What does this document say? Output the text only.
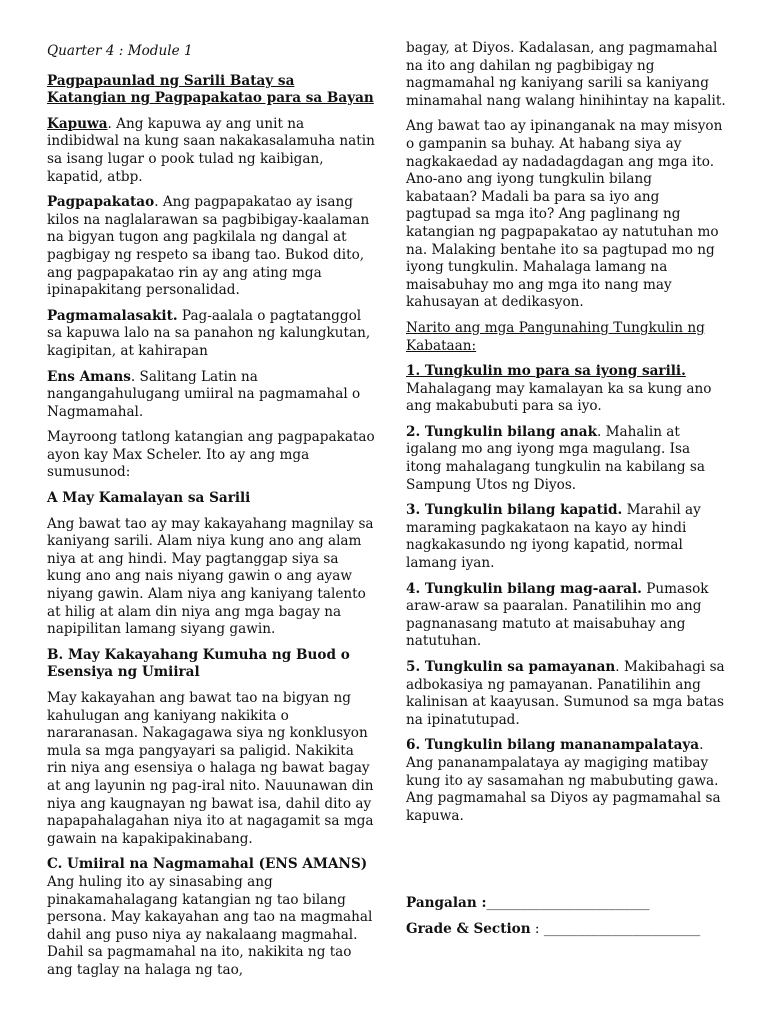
Quarter 4 : Module 1

Pagpapaunlad ng Sarili Batay sa

Katangian ng Pagpapakatao para sa Bayan

Kapuwa. Ang kapuwa ay ang unit na indibidwal na kung saan nakakasalamuha natin sa isang lugar o pook tulad ng kaibigan, kapatid, atbp.

Pagpapakatao. Ang pagpapakatao ay isang kilos na naglalarawan sa pagbibigay-kaalaman na bigyan tugon ang pagkilala ng dangal at pagbigay ng respeto sa ibang tao. Bukod dito, ang pagpapakatao rin ay ang ating mga ipinapakitang personalidad.

Pagmamalasakit. Pag-aalala o pagtatanggol sa kapuwa lalo na sa panahon ng kalungkutan, kagipitan, at kahirapan

Ens Amans. Salitang Latin na nangangahulugang umiiral na pagmamahal o Nagmamahal.

Mayroong tatlong katangian ang pagpapakatao ayon kay Max Scheler. Ito ay ang mga sumusunod:

A May Kamalayan sa Sarili

Ang bawat tao ay may kakayahang magnilay sa kaniyang sarili. Alam niya kung ano ang alam niya at ang hindi. May pagtanggap siya sa kung ano ang nais niyang gawin o ang ayaw niyang gawin. Alam niya ang kaniyang talento at hilig at alam din niya ang mga bagay na napipilitan lamang siyang gawin.

B. May Kakayahang Kumuha ng Buod o Esensiya ng Umiiral

May kakayahan ang bawat tao na bigyan ng kahulugan ang kaniyang nakikita o nararanasan. Nakagagawa siya ng konklusyon mula sa mga pangyayari sa paligid. Nakikita rin niya ang esensiya o halaga ng bawat bagay at ang layunin ng pag-iral nito. Nauunawan din niya ang kaugnayan ng bawat isa, dahil dito ay napapahalagahan niya ito at nagagamit sa mga gawain na kapakipakinabang.

C. Umiiral na Nagmamahal (ENS AMANS)

Ang huling ito ay sinasabing ang pinakamahalagang katangian ng tao bilang persona. May kakayahan ang tao na magmahal dahil ang puso niya ay nakalaang magmahal. Dahil sa pagmamahal na ito, nakikita ng tao ang taglay na halaga ng tao,

bagay, at Diyos. Kadalasan, ang pagmamahal na ito ang dahilan ng pagbibigay ng nagmamahal ng kaniyang sarili sa kaniyang minamahal nang walang hinihintay na kapalit.

Ang bawat tao ay ipinanganak na may misyon o gampanin sa buhay. At habang siya ay nagkakaedad ay nadadagdagan ang mga ito. Ano-ano ang iyong tungkulin bilang kabataan? Madali ba para sa iyo ang pagtupad sa mga ito? Ang paglinang ng katangian ng pagpapakatao ay natutuhan mo na. Malaking bentahe ito sa pagtupad mo ng iyong tungkulin. Mahalaga lamang na maisabuhay mo ang mga ito nang may kahusayan at dedikasyon.

Narito ang mga Pangunahing Tungkulin ng Kabataan:

1. Tungkulin mo para sa iyong sarili. Mahalagang may kamalayan ka sa kung ano ang makabubuti para sa iyo.

2. Tungkulin bilang anak. Mahalin at igalang mo ang iyong mga magulang. Isa itong mahalagang tungkulin na kabilang sa Sampung Utos ng Diyos.

3. Tungkulin bilang kapatid. Marahil ay maraming pagkakataon na kayo ay hindi nagkakasundo ng iyong kapatid, normal lamang iyan.

4. Tungkulin bilang mag-aaral. Pumasok araw-araw sa paaralan. Panatilihin mo ang pagnanasang matuto at maisabuhay ang natutuhan.

5. Tungkulin sa pamayanan. Makibahagi sa adbokasiya ng pamayanan. Panatilihin ang kalinisan at kaayusan. Sumunod sa mga batas na ipinatutupad.

6. Tungkulin bilang mananampalataya. Ang pananampalataya ay magiging matibay kung ito ay sasamahan ng mabubuting gawa. Ang pagmamahal sa Diyos ay pagmamahal sa kapuwa.

Pangalan :________________________

Grade & Section : _______________________
